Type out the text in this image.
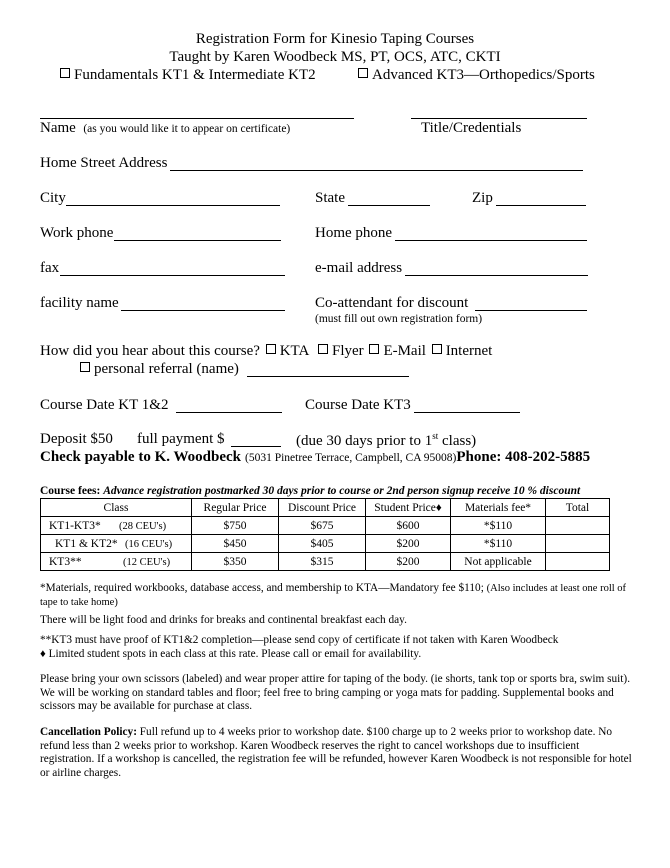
Registration Form for Kinesio Taping Courses
Taught by Karen Woodbeck MS, PT, OCS, ATC, CKTI
Fundamentals KT1 & Intermediate KT2	Advanced KT3—Orthopedics/Sports
Name (as you would like it to appear on certificate)	Title/Credentials
Home Street Address
City	State	Zip
Work phone	Home phone
fax	e-mail address
facility name	Co-attendant for discount
(must fill out own registration form)
How did you hear about this course? KTA Flyer E-Mail Internet
personal referral (name)
Course Date KT 1&2	Course Date KT3
Deposit $50 full payment $	(due 30 days prior to 1st class)
Check payable to K. Woodbeck (5031 Pinetree Terrace, Campbell, CA 95008)Phone: 408-202-5885
Course fees: Advance registration postmarked 30 days prior to course or 2nd person signup receive 10 % discount
Class	Regular Price	Discount Price	Student Price♦	Materials fee*	Total
KT1-KT3* (28 CEU's)	$750	$675	$600	*$110	
KT1 & KT2* (16 CEU's)	$450	$405	$200	*$110	
KT3** (12 CEU's)	$350	$315	$200	Not applicable	
*Materials, required workbooks, database access, and membership to KTA—Mandatory fee $110; (Also includes at least one roll of tape to take home)
There will be light food and drinks for breaks and continental breakfast each day.
**KT3 must have proof of KT1&2 completion—please send copy of certificate if not taken with Karen Woodbeck
♦ Limited student spots in each class at this rate. Please call or email for availability.
Please bring your own scissors (labeled) and wear proper attire for taping of the body. (ie shorts, tank top or sports bra, swim suit). We will be working on standard tables and floor; feel free to bring camping or yoga mats for padding. Supplemental books and scissors may be available for purchase at class.
Cancellation Policy: Full refund up to 4 weeks prior to workshop date. $100 charge up to 2 weeks prior to workshop date. No refund less than 2 weeks prior to workshop. Karen Woodbeck reserves the right to cancel workshops due to insufficient registration. If a workshop is cancelled, the registration fee will be refunded, however Karen Woodbeck is not responsible for hotel or airline charges.
